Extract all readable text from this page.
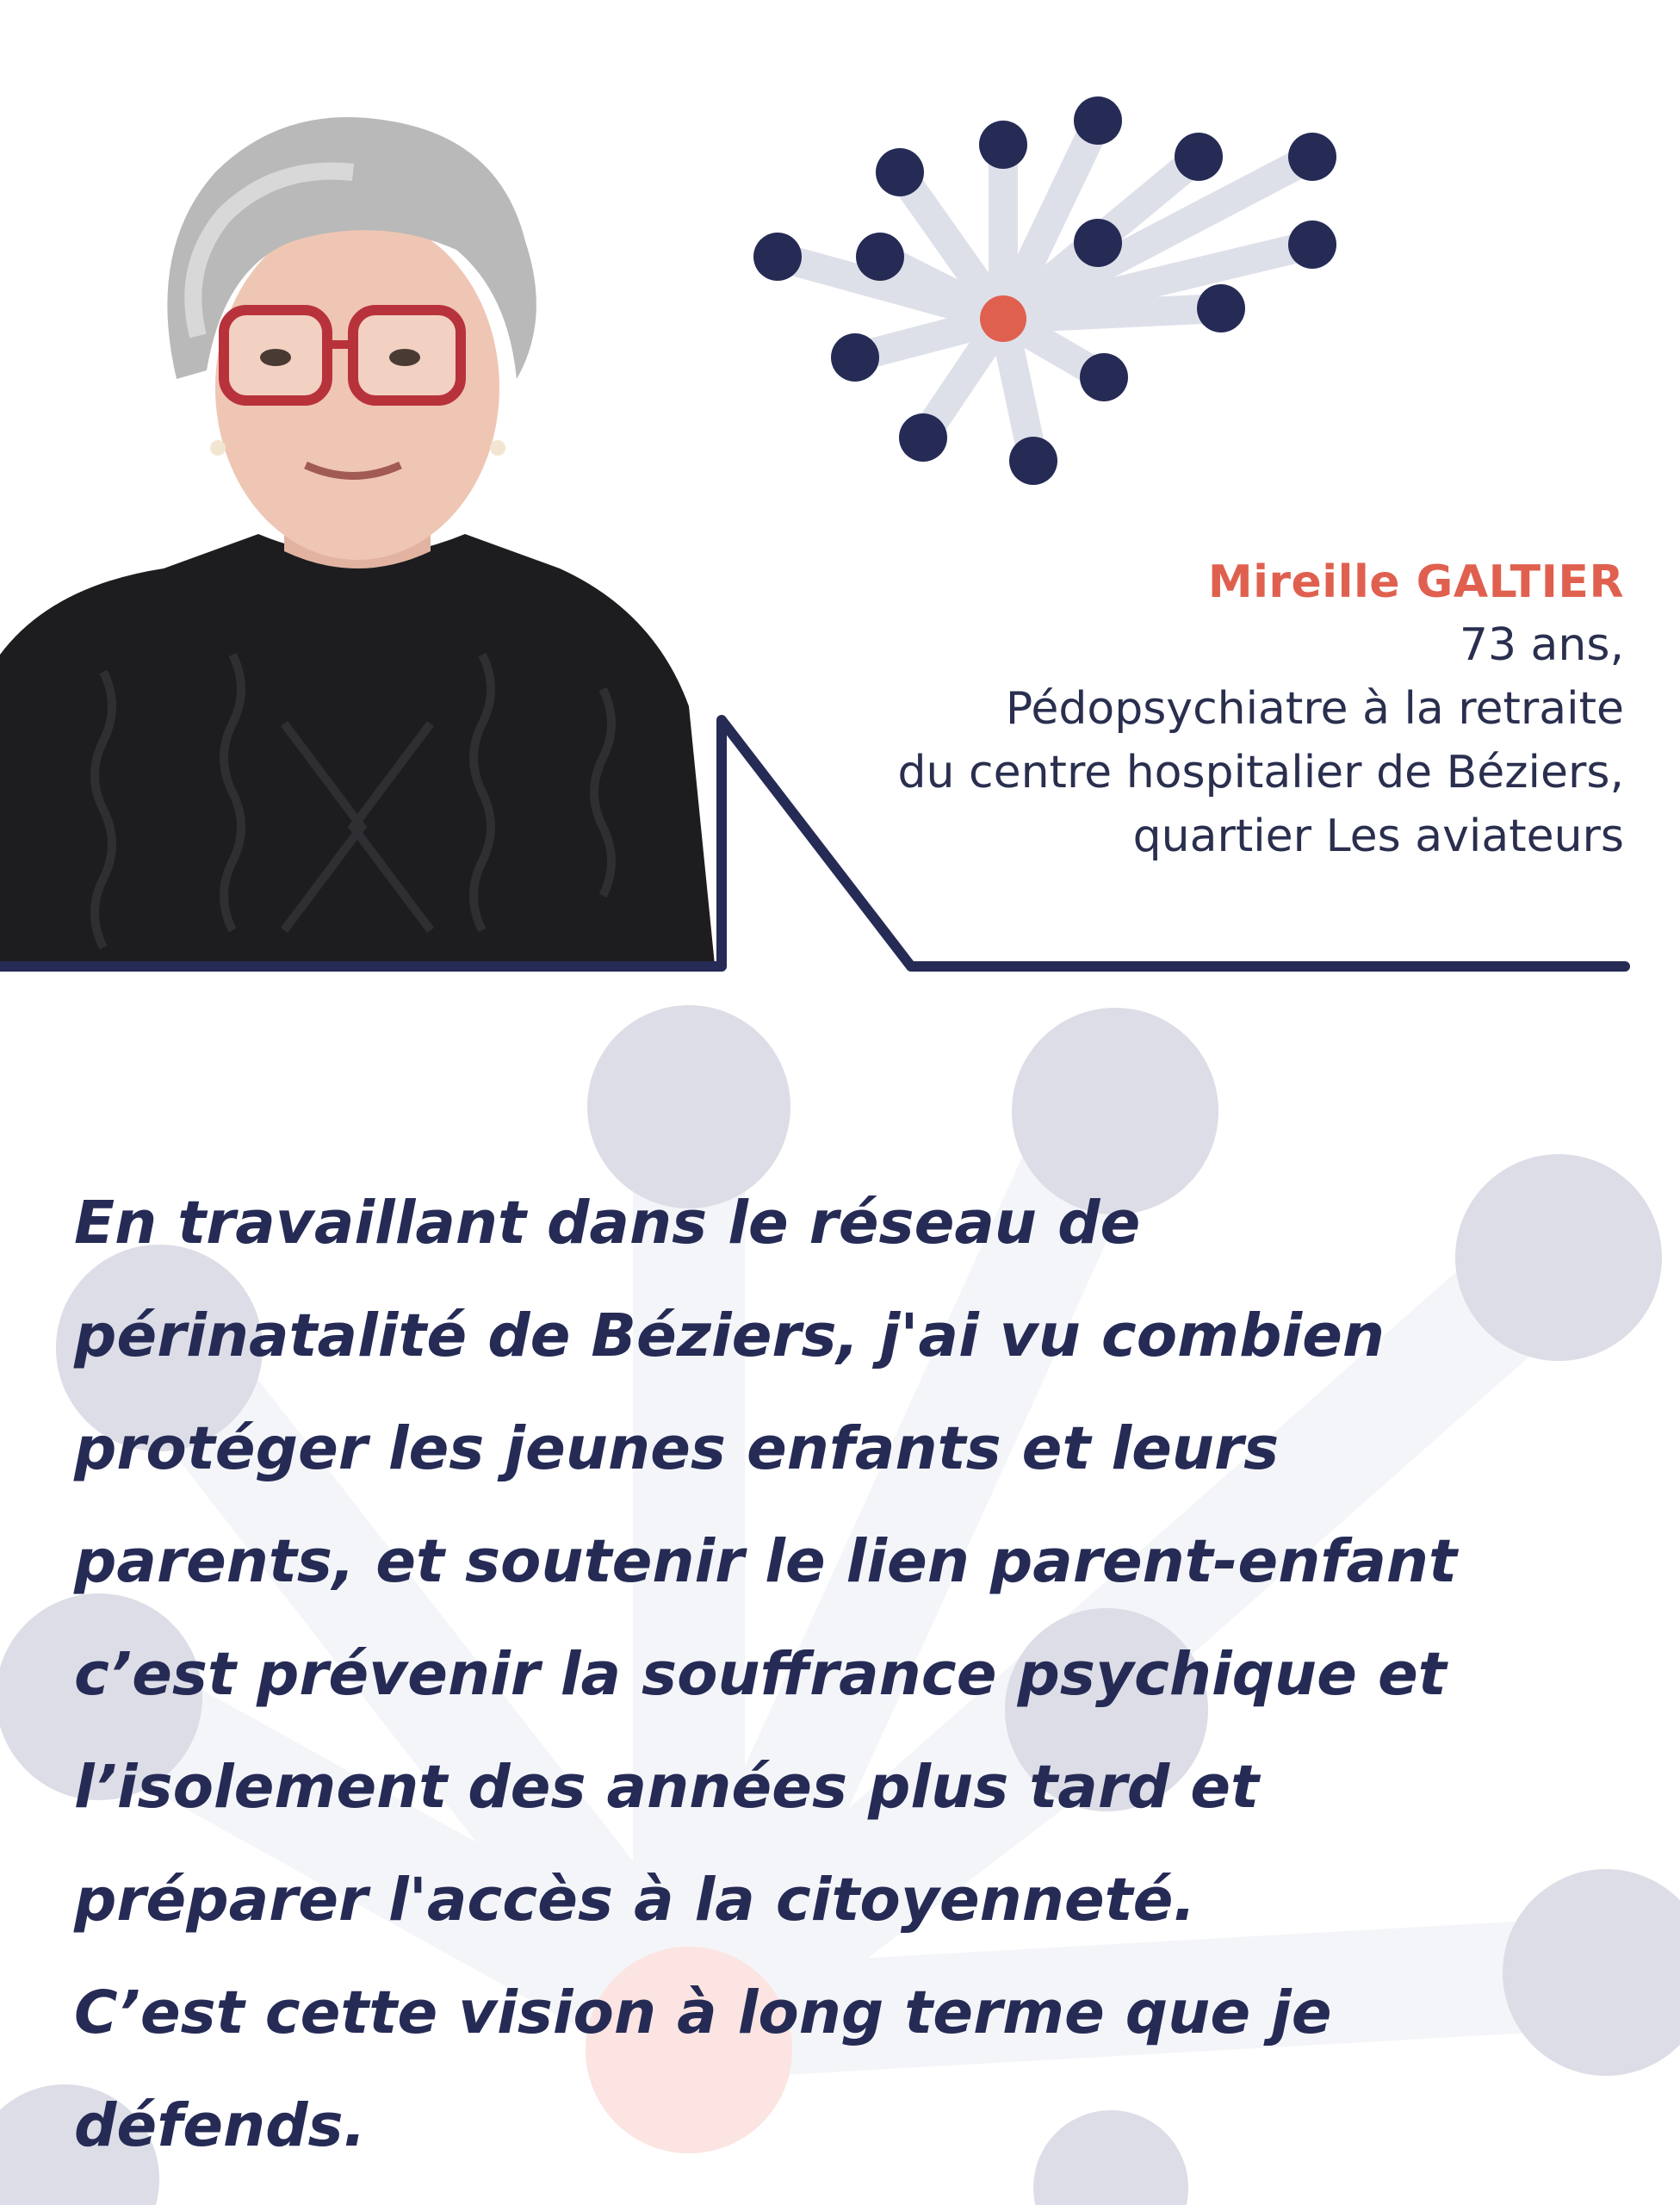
Mireille GALTIER
73 ans,
Pédopsychiatre à la retraite
du centre hospitalier de Béziers,
quartier Les aviateurs
En travaillant dans le réseau de
périnatalité de Béziers, j'ai vu combien
protéger les jeunes enfants et leurs
parents, et soutenir le lien parent-enfant
c’est prévenir la souffrance psychique et
l’isolement des années plus tard et
préparer l'accès à la citoyenneté.
C’est cette vision à long terme que je
défends.
